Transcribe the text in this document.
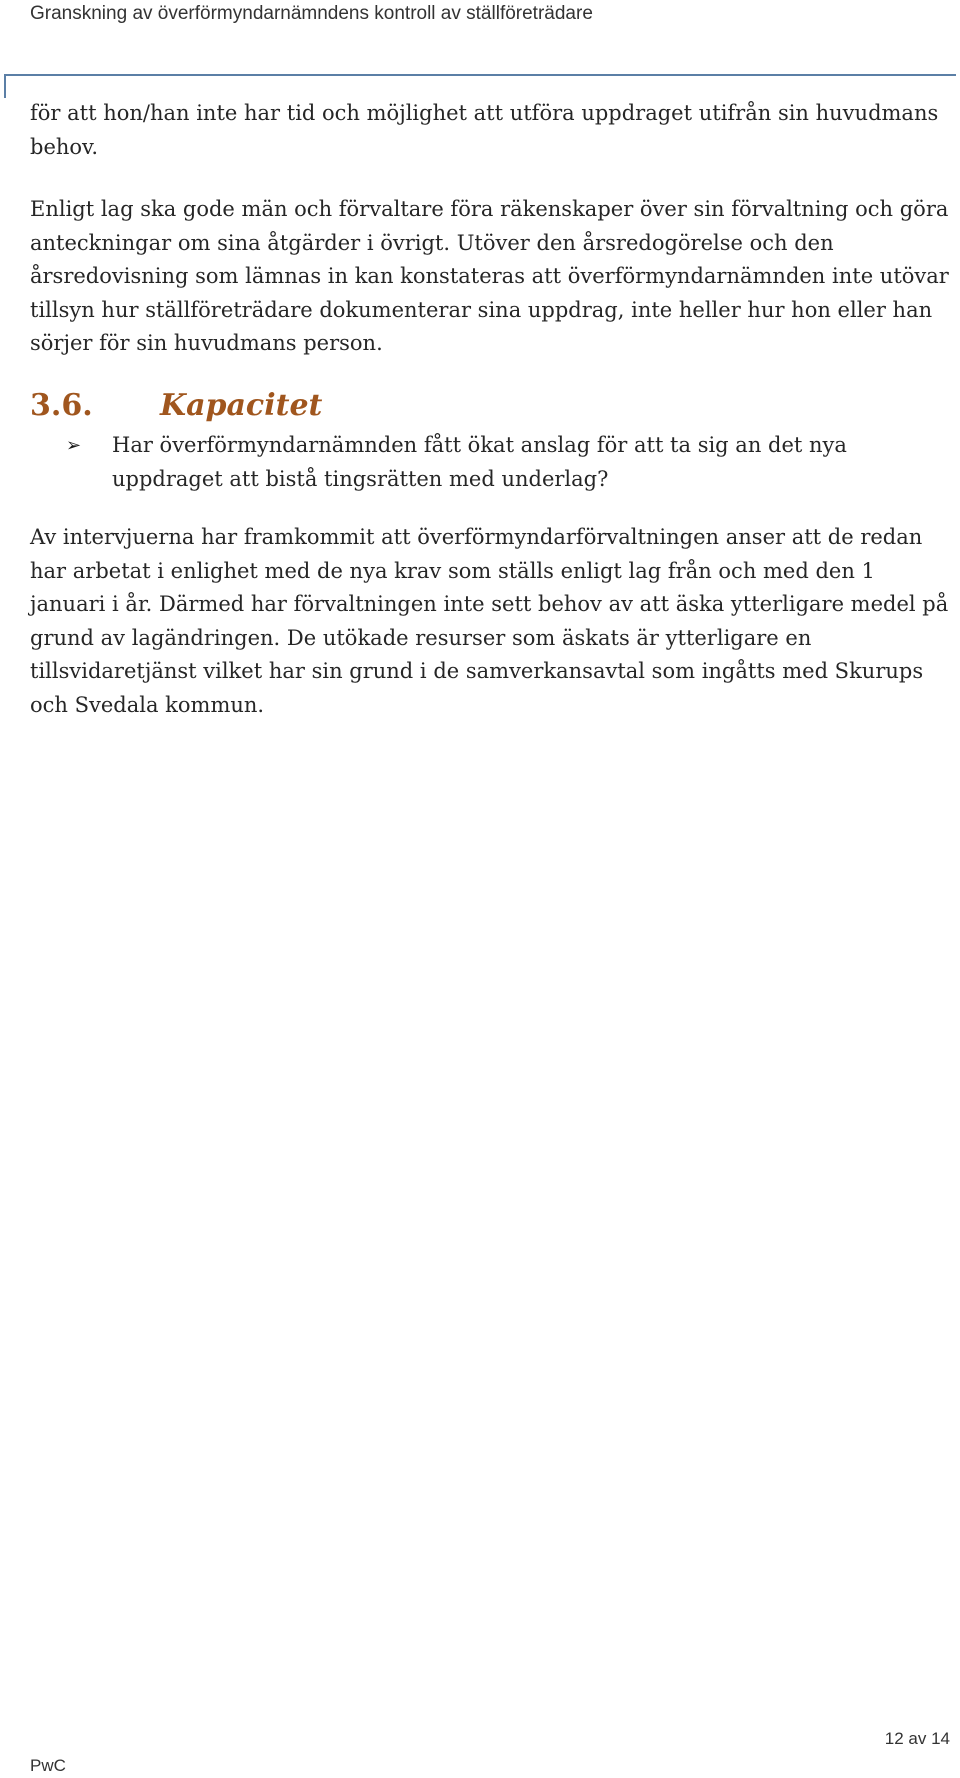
Granskning av överförmyndarnämndens kontroll av ställföreträdare

för att hon/han inte har tid och möjlighet att utföra uppdraget utifrån sin huvudmans behov.

Enligt lag ska gode män och förvaltare föra räkenskaper över sin förvaltning och göra anteckningar om sina åtgärder i övrigt. Utöver den årsredogörelse och den årsredovisning som lämnas in kan konstateras att överförmyndarnämnden inte utövar tillsyn hur ställföreträdare dokumenterar sina uppdrag, inte heller hur hon eller han sörjer för sin huvudmans person.

3.6. Kapacitet
➢ Har överförmyndarnämnden fått ökat anslag för att ta sig an det nya uppdraget att bistå tingsrätten med underlag?

Av intervjuerna har framkommit att överförmyndarförvaltningen anser att de redan har arbetat i enlighet med de nya krav som ställs enligt lag från och med den 1 januari i år. Därmed har förvaltningen inte sett behov av att äska ytterligare medel på grund av lagändringen. De utökade resurser som äskats är ytterligare en tillsvidaretjänst vilket har sin grund i de samverkansavtal som ingåtts med Skurups och Svedala kommun.

12 av 14
PwC
